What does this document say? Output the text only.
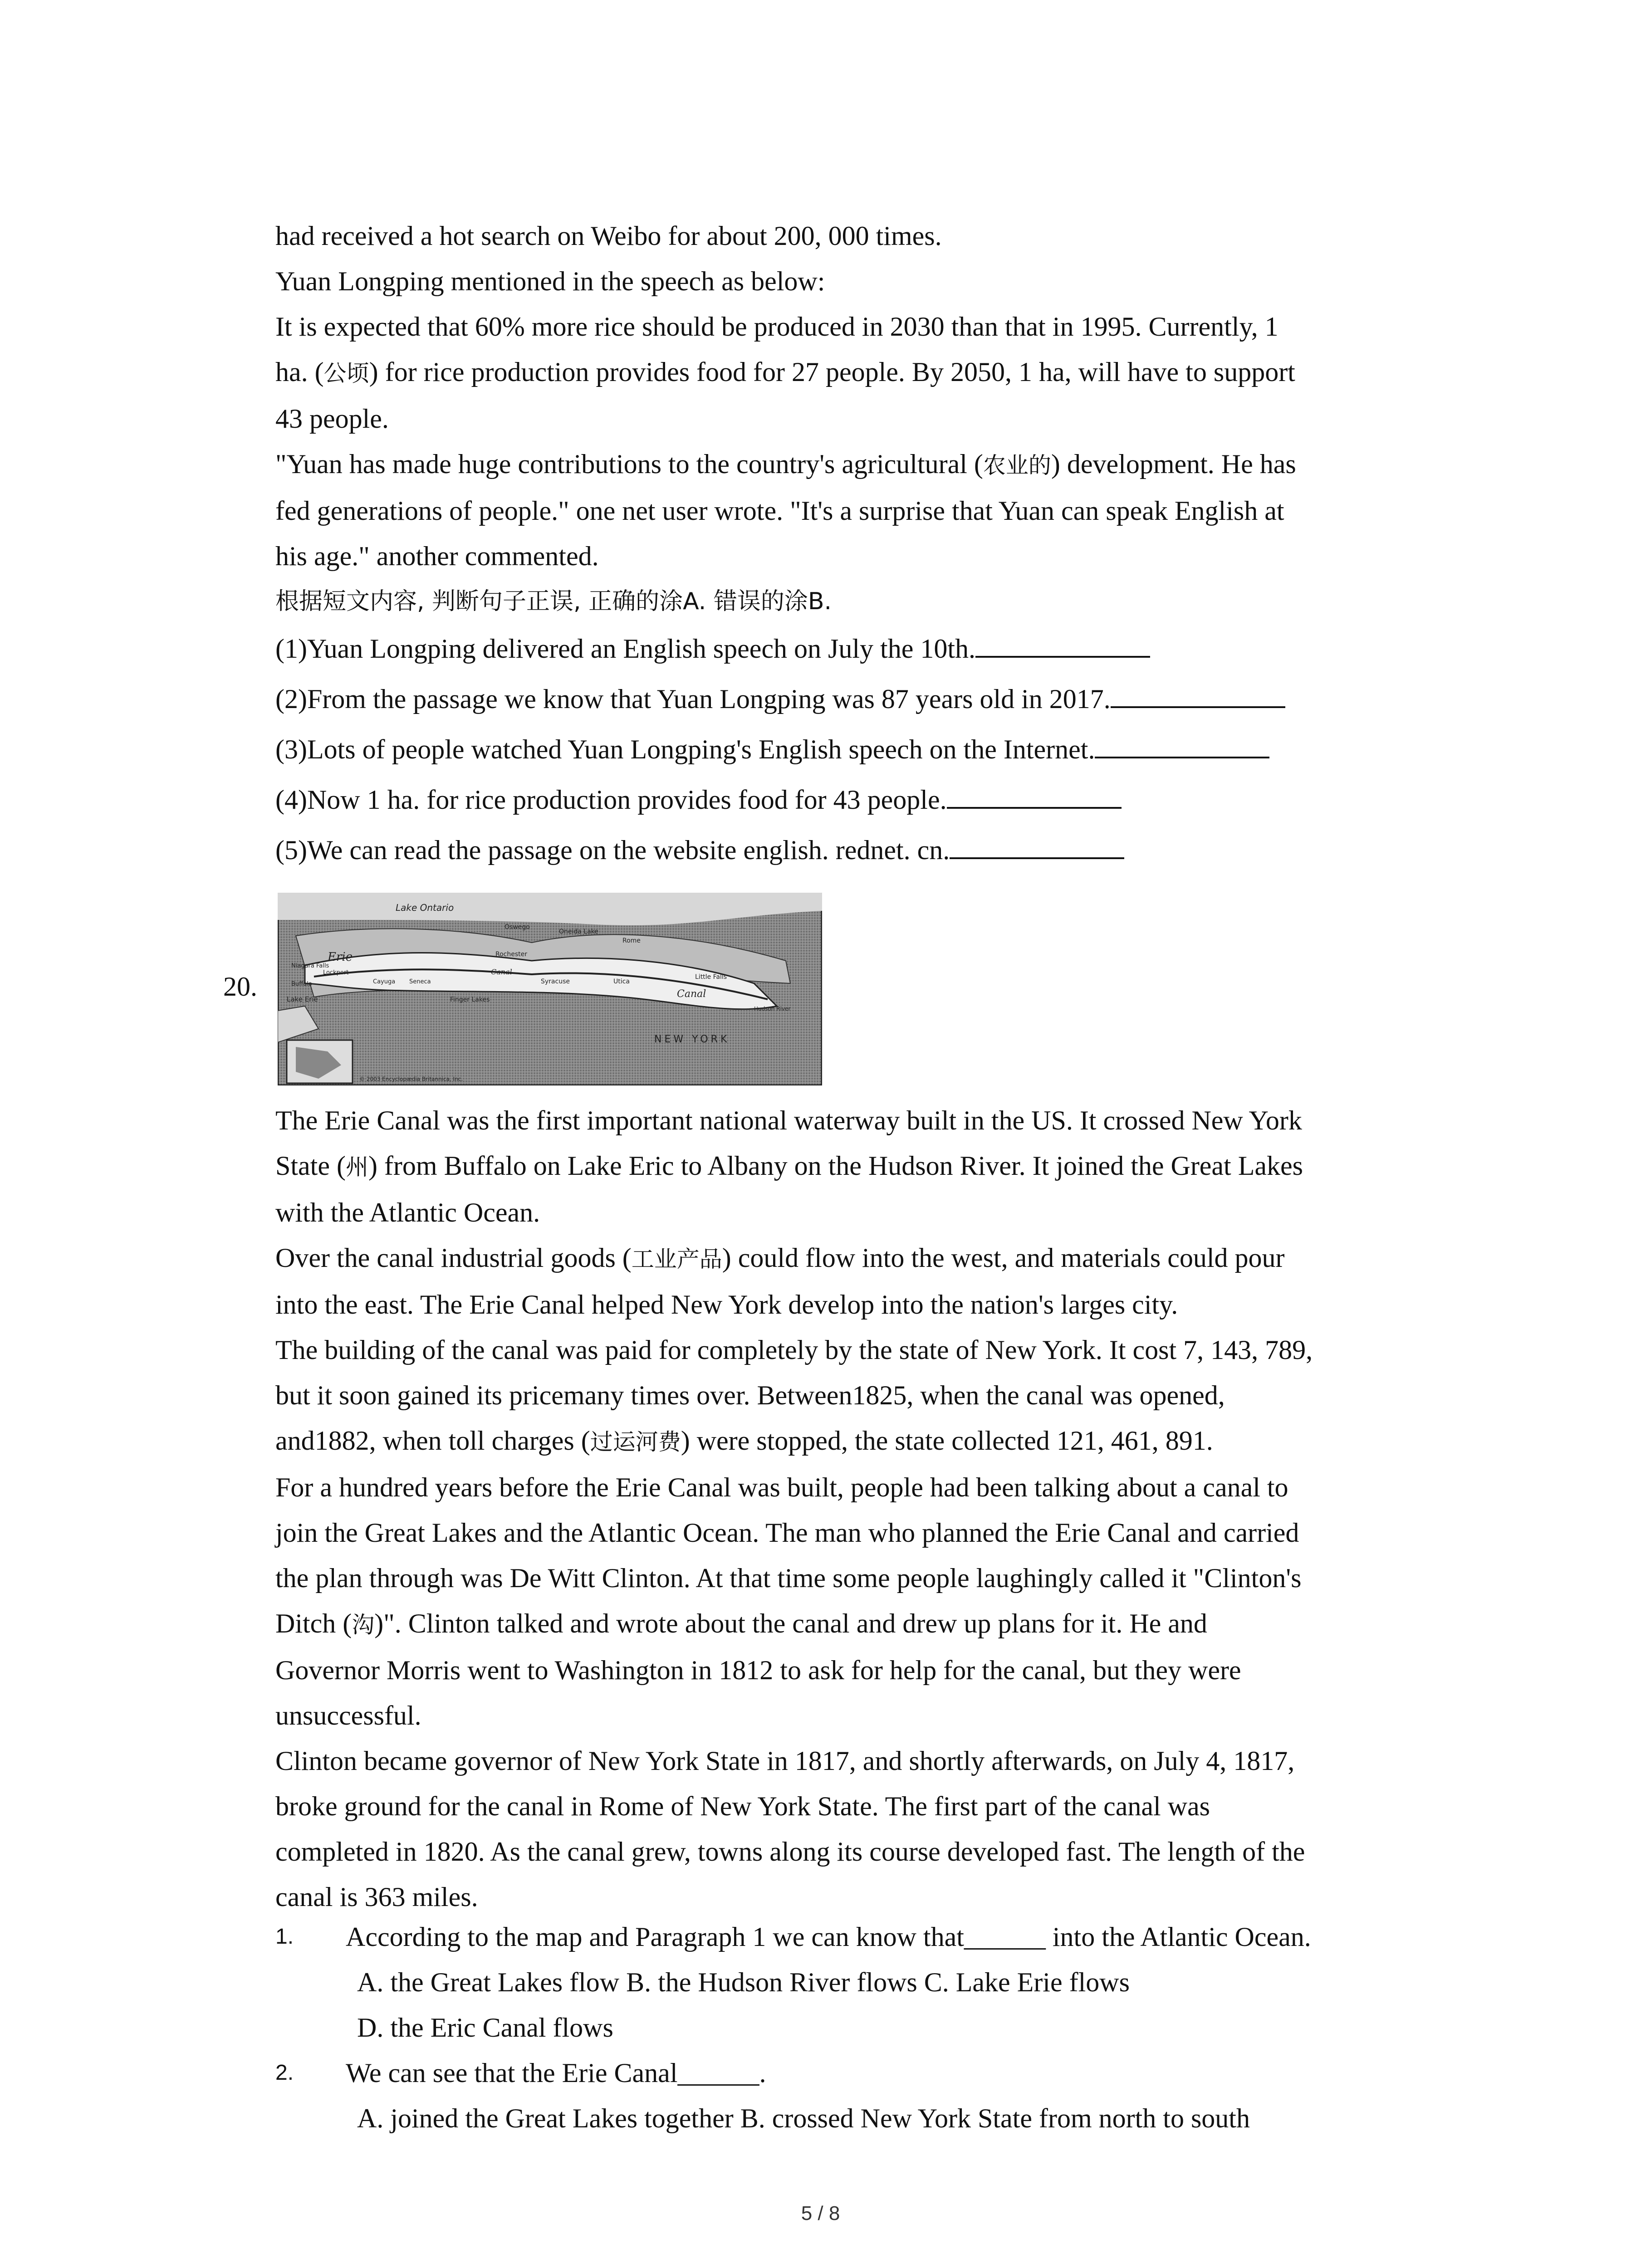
had received a hot search on Weibo for about 200, 000 times.

Yuan Longping mentioned in the speech as below:

It is expected that 60% more rice should be produced in 2030 than that in 1995. Currently, 1

ha. (公顷) for rice production provides food for 27 people. By 2050, 1 ha, will have to support

43 people.

"Yuan has made huge contributions to the country's agricultural (农业的) development. He has

fed generations of people." one net user wrote. "It's a surprise that Yuan can speak English at

his age." another commented.

根据短文内容, 判断句子正误, 正确的涂A. 错误的涂B.

(1)Yuan Longping delivered an English speech on July the 10th.

(2)From the passage we know that Yuan Longping was 87 years old in 2017.

(3)Lots of people watched Yuan Longping's English speech on the Internet.

(4)Now 1 ha. for rice production provides food for 43 people.

(5)We can read the passage on the website english. rednet. cn.

20.
Lake Ontario
Oswego
Oneida Lake
Rome
Erie
Niagara Falls
Lockport
Rochester
Buffalo	Cayuga Seneca	Syracuse	Utica
Little Falls
Canal
Finger Lakes
Lake Erie
NEW YORK
Hudson River
Canal
© 2003 Encyclopædia Britannica, Inc.

The Erie Canal was the first important national waterway built in the US. It crossed New York

State (州) from Buffalo on Lake Eric to Albany on the Hudson River. It joined the Great Lakes

with the Atlantic Ocean.

Over the canal industrial goods (工业产品) could flow into the west, and materials could pour

into the east. The Erie Canal helped New York develop into the nation's larges city.

The building of the canal was paid for completely by the state of New York. It cost 7, 143, 789,

but it soon gained its pricemany times over. Between1825, when the canal was opened,

and1882, when toll charges (过运河费) were stopped, the state collected 121, 461, 891.

For a hundred years before the Erie Canal was built, people had been talking about a canal to

join the Great Lakes and the Atlantic Ocean. The man who planned the Erie Canal and carried

the plan through was De Witt Clinton. At that time some people laughingly called it "Clinton's

Ditch (沟)". Clinton talked and wrote about the canal and drew up plans for it. He and

Governor Morris went to Washington in 1812 to ask for help for the canal, but they were

unsuccessful.

Clinton became governor of New York State in 1817, and shortly afterwards, on July 4, 1817,

broke ground for the canal in Rome of New York State. The first part of the canal was

completed in 1820. As the canal grew, towns along its course developed fast. The length of the

canal is 363 miles.

1. According to the map and Paragraph 1 we can know that______ into the Atlantic Ocean.
A. the Great Lakes flow B. the Hudson River flows C. Lake Erie flows
D. the Eric Canal flows
2. We can see that the Erie Canal______.
A. joined the Great Lakes together B. crossed New York State from north to south
5 / 8
